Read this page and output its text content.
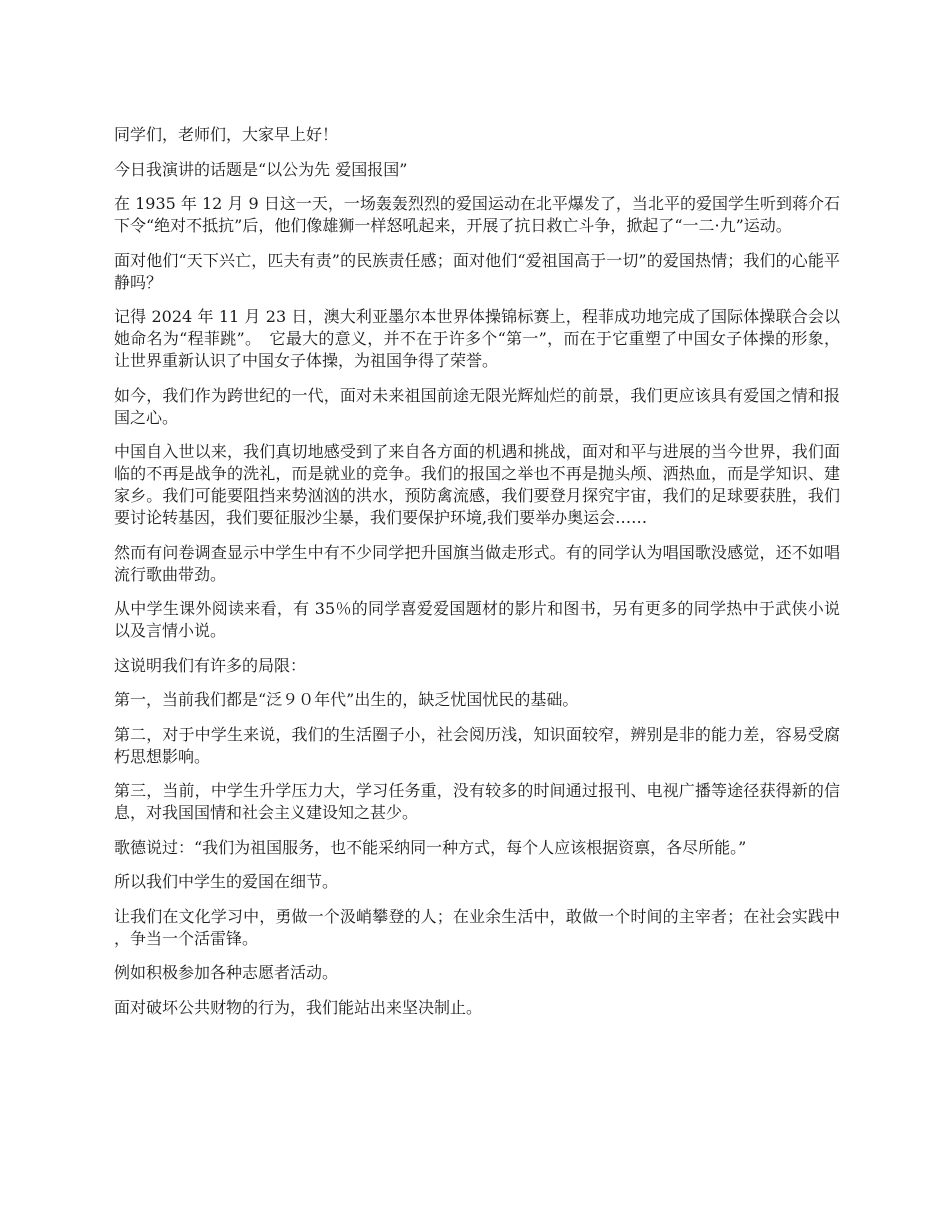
同学们，老师们，大家早上好！

今日我演讲的话题是“以公为先 爱国报国”

在 1935 年 12 月 9 日这一天，一场轰轰烈烈的爱国运动在北平爆发了，当北平的爱国学生听到蒋介石下令“绝对不抵抗”后，他们像雄狮一样怒吼起来，开展了抗日救亡斗争，掀起了“一二·九”运动。

面对他们“天下兴亡，匹夫有责”的民族责任感；面对他们“爱祖国高于一切”的爱国热情；我们的心能平静吗？

记得 2024 年 11 月 23 日，澳大利亚墨尔本世界体操锦标赛上，程菲成功地完成了国际体操联合会以她命名为“程菲跳”。　它最大的意义，并不在于许多个“第一”，而在于它重塑了中国女子体操的形象，让世界重新认识了中国女子体操，为祖国争得了荣誉。

如今，我们作为跨世纪的一代，面对未来祖国前途无限光辉灿烂的前景，我们更应该具有爱国之情和报国之心。

中国自入世以来，我们真切地感受到了来自各方面的机遇和挑战，面对和平与进展的当今世界，我们面临的不再是战争的洗礼，而是就业的竞争。我们的报国之举也不再是抛头颅、洒热血，而是学知识、建家乡。我们可能要阻挡来势汹汹的洪水，预防禽流感，我们要登月探究宇宙，我们的足球要获胜，我们要讨论转基因，我们要征服沙尘暴，我们要保护环境,我们要举办奥运会……

然而有问卷调查显示中学生中有不少同学把升国旗当做走形式。有的同学认为唱国歌没感觉，还不如唱流行歌曲带劲。

从中学生课外阅读来看，有 35％的同学喜爱爱国题材的影片和图书，另有更多的同学热中于武侠小说以及言情小说。

这说明我们有许多的局限：

第一，当前我们都是“泛９０年代”出生的，缺乏忧国忧民的基础。

第二，对于中学生来说，我们的生活圈子小，社会阅历浅，知识面较窄，辨别是非的能力差，容易受腐朽思想影响。

第三，当前，中学生升学压力大，学习任务重，没有较多的时间通过报刊、电视广播等途径获得新的信息，对我国国情和社会主义建设知之甚少。

歌德说过：“我们为祖国服务，也不能采纳同一种方式，每个人应该根据资禀，各尽所能。”

所以我们中学生的爱国在细节。

让我们在文化学习中，勇做一个汲峭攀登的人；在业余生活中，敢做一个时间的主宰者；在社会实践中，争当一个活雷锋。

例如积极参加各种志愿者活动。

面对破坏公共财物的行为，我们能站出来坚决制止。
